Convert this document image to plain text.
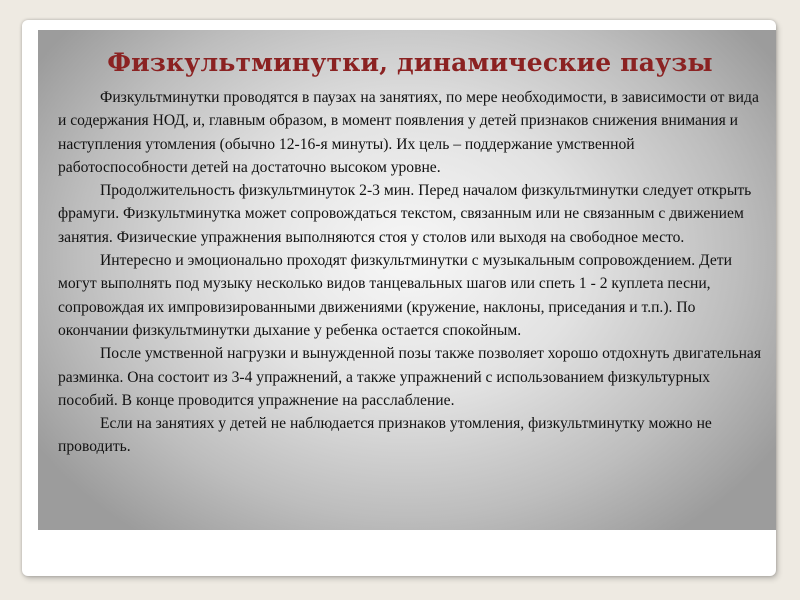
Физкультминутки, динамические паузы

Физкультминутки проводятся в паузах на занятиях, по мере необходимости, в зависимости от вида и содержания НОД, и, главным образом, в момент появления у детей признаков снижения внимания и наступления утомления (обычно 12-16-я минуты). Их цель – поддержание умственной работоспособности детей на достаточно высоком уровне.

Продолжительность физкультминуток 2-3 мин. Перед началом физкультминутки следует открыть фрамуги. Физкультминутка может сопровождаться текстом, связанным или не связанным с движением занятия. Физические упражнения выполняются стоя у столов или выходя на свободное место.

Интересно и эмоционально проходят физкультминутки с музыкальным сопровождением. Дети могут выполнять под музыку несколько видов танцевальных шагов или спеть 1 - 2 куплета песни, сопровождая их импровизированными движениями (кружение, наклоны, приседания и т.п.). По окончании физкультминутки дыхание у ребенка остается спокойным.

После умственной нагрузки и вынужденной позы также позволяет хорошо отдохнуть двигательная разминка. Она состоит из 3-4 упражнений, а также упражнений с использованием физкультурных пособий. В конце проводится упражнение на расслабление.

Если на занятиях у детей не наблюдается признаков утомления, физкультминутку можно не проводить.
